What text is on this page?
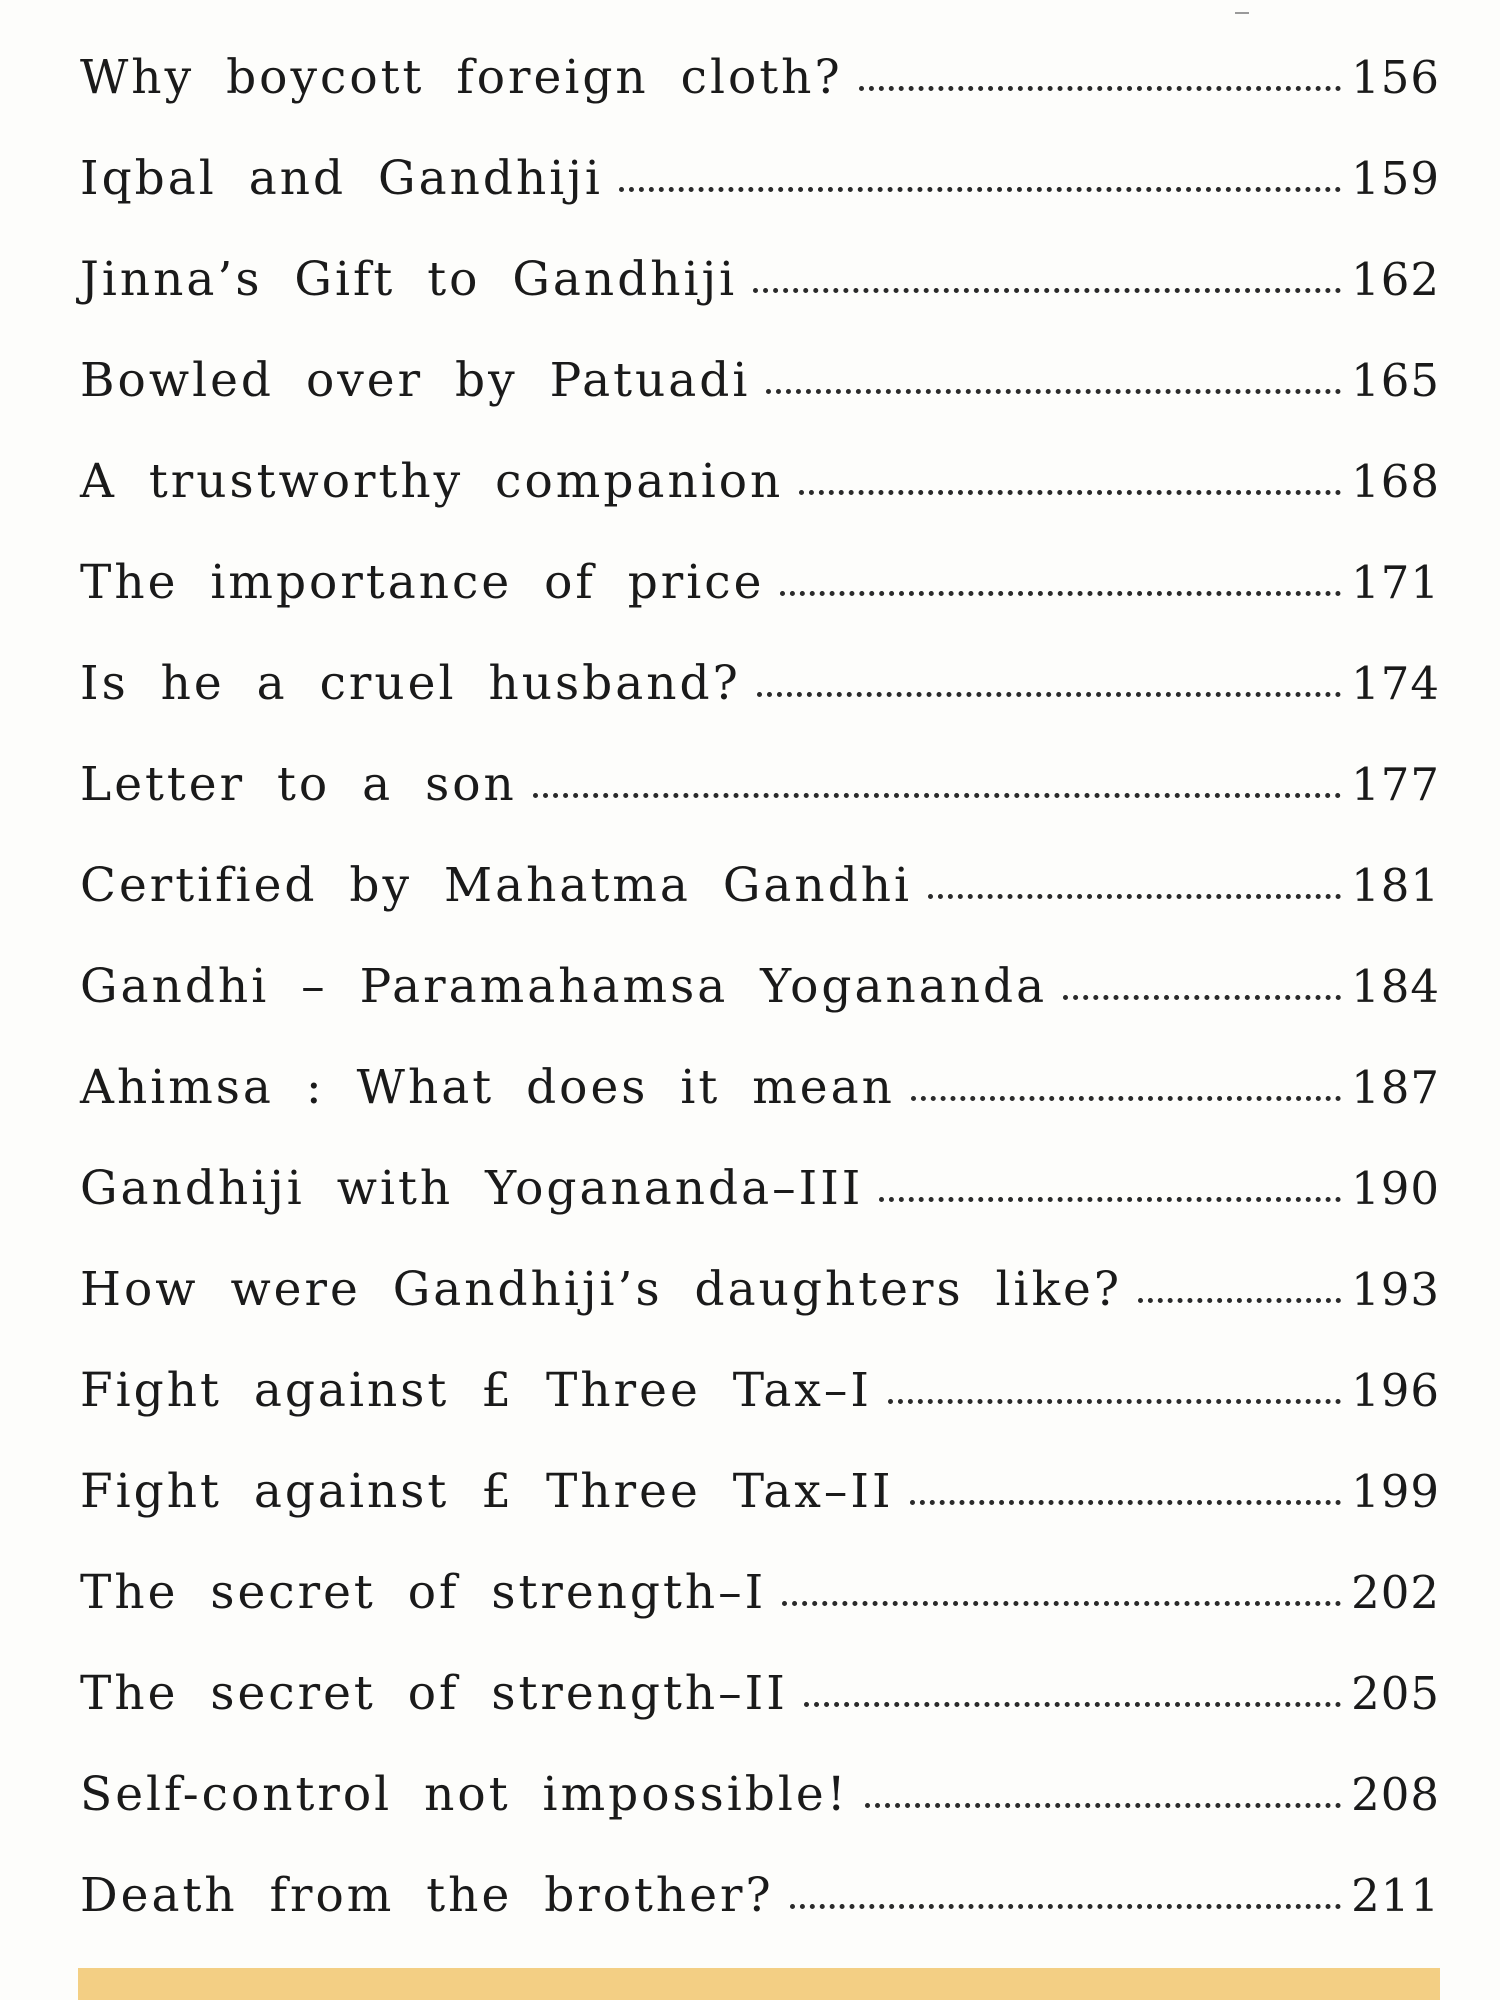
Why boycott foreign cloth?	156
Iqbal and Gandhiji	159
Jinna’s Gift to Gandhiji	162
Bowled over by Patuadi	165
A trustworthy companion	168
The importance of price	171
Is he a cruel husband?	174
Letter to a son	177
Certified by Mahatma Gandhi	181
Gandhi – Paramahamsa Yogananda	184
Ahimsa : What does it mean	187
Gandhiji with Yogananda–III	190
How were Gandhiji’s daughters like?	193
Fight against £ Three Tax–I	196
Fight against £ Three Tax–II	199
The secret of strength–I	202
The secret of strength–II	205
Self-control not impossible!	208
Death from the brother?	211
